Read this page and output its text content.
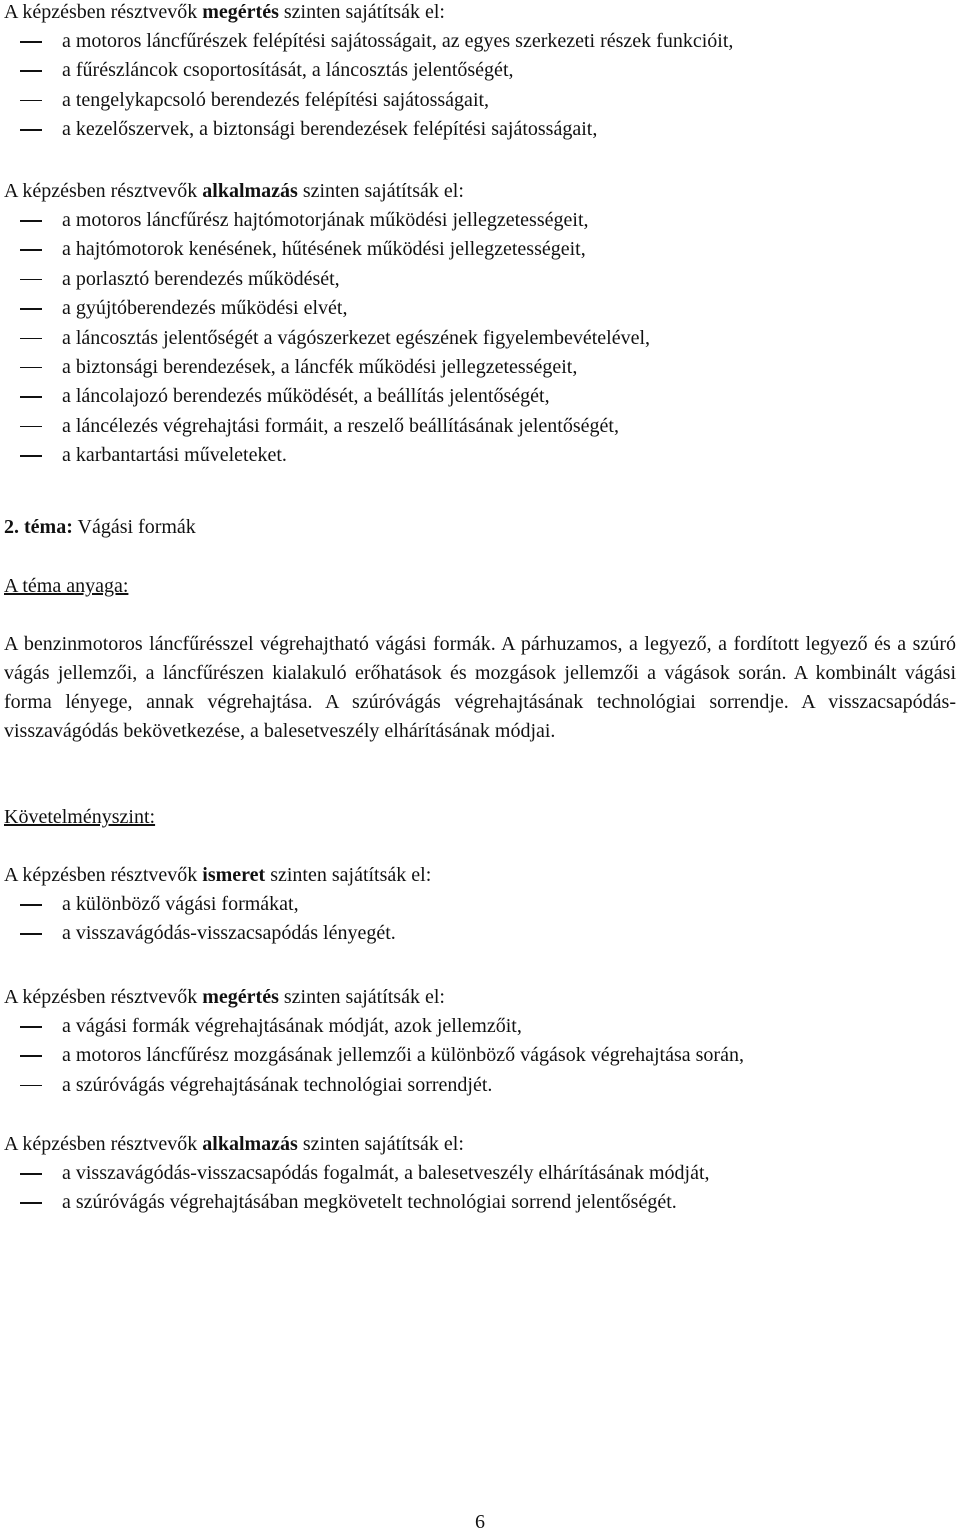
A képzésben résztvevők megértés szinten sajátítsák el:
a motoros láncfűrészek felépítési sajátosságait, az egyes szerkezeti részek funkcióit,
a fűrészláncok csoportosítását, a láncosztás jelentőségét,
a tengelykapcsoló berendezés felépítési sajátosságait,
a kezelőszervek, a biztonsági berendezések felépítési sajátosságait,
A képzésben résztvevők alkalmazás szinten sajátítsák el:
a motoros láncfűrész hajtómotorjának működési jellegzetességeit,
a hajtómotorok kenésének, hűtésének működési jellegzetességeit,
a porlasztó berendezés működését,
a gyújtóberendezés működési elvét,
a láncosztás jelentőségét a vágószerkezet egészének figyelembevételével,
a biztonsági berendezések, a láncfék működési jellegzetességeit,
a láncolajozó berendezés működését, a beállítás jelentőségét,
a láncélezés végrehajtási formáit, a reszelő beállításának jelentőségét,
a karbantartási műveleteket.
2. téma: Vágási formák
A téma anyaga:
A benzinmotoros láncfűrésszel végrehajtható vágási formák. A párhuzamos, a legyező, a fordított legyező és a szúró vágás jellemzői, a láncfűrészen kialakuló erőhatások és mozgások jellemzői a vágások során. A kombinált vágási forma lényege, annak végrehajtása. A szúróvágás végrehajtásának technológiai sorrendje. A visszacsapódás-visszavágódás bekövetkezése, a balesetveszély elhárításának módjai.
Követelményszint:
A képzésben résztvevők ismeret szinten sajátítsák el:
a különböző vágási formákat,
a visszavágódás-visszacsapódás lényegét.
A képzésben résztvevők megértés szinten sajátítsák el:
a vágási formák végrehajtásának módját, azok jellemzőit,
a motoros láncfűrész mozgásának jellemzői a különböző vágások végrehajtása során,
a szúróvágás végrehajtásának technológiai sorrendjét.
A képzésben résztvevők alkalmazás szinten sajátítsák el:
a visszavágódás-visszacsapódás fogalmát, a balesetveszély elhárításának módját,
a szúróvágás végrehajtásában megkövetelt technológiai sorrend jelentőségét.
6
